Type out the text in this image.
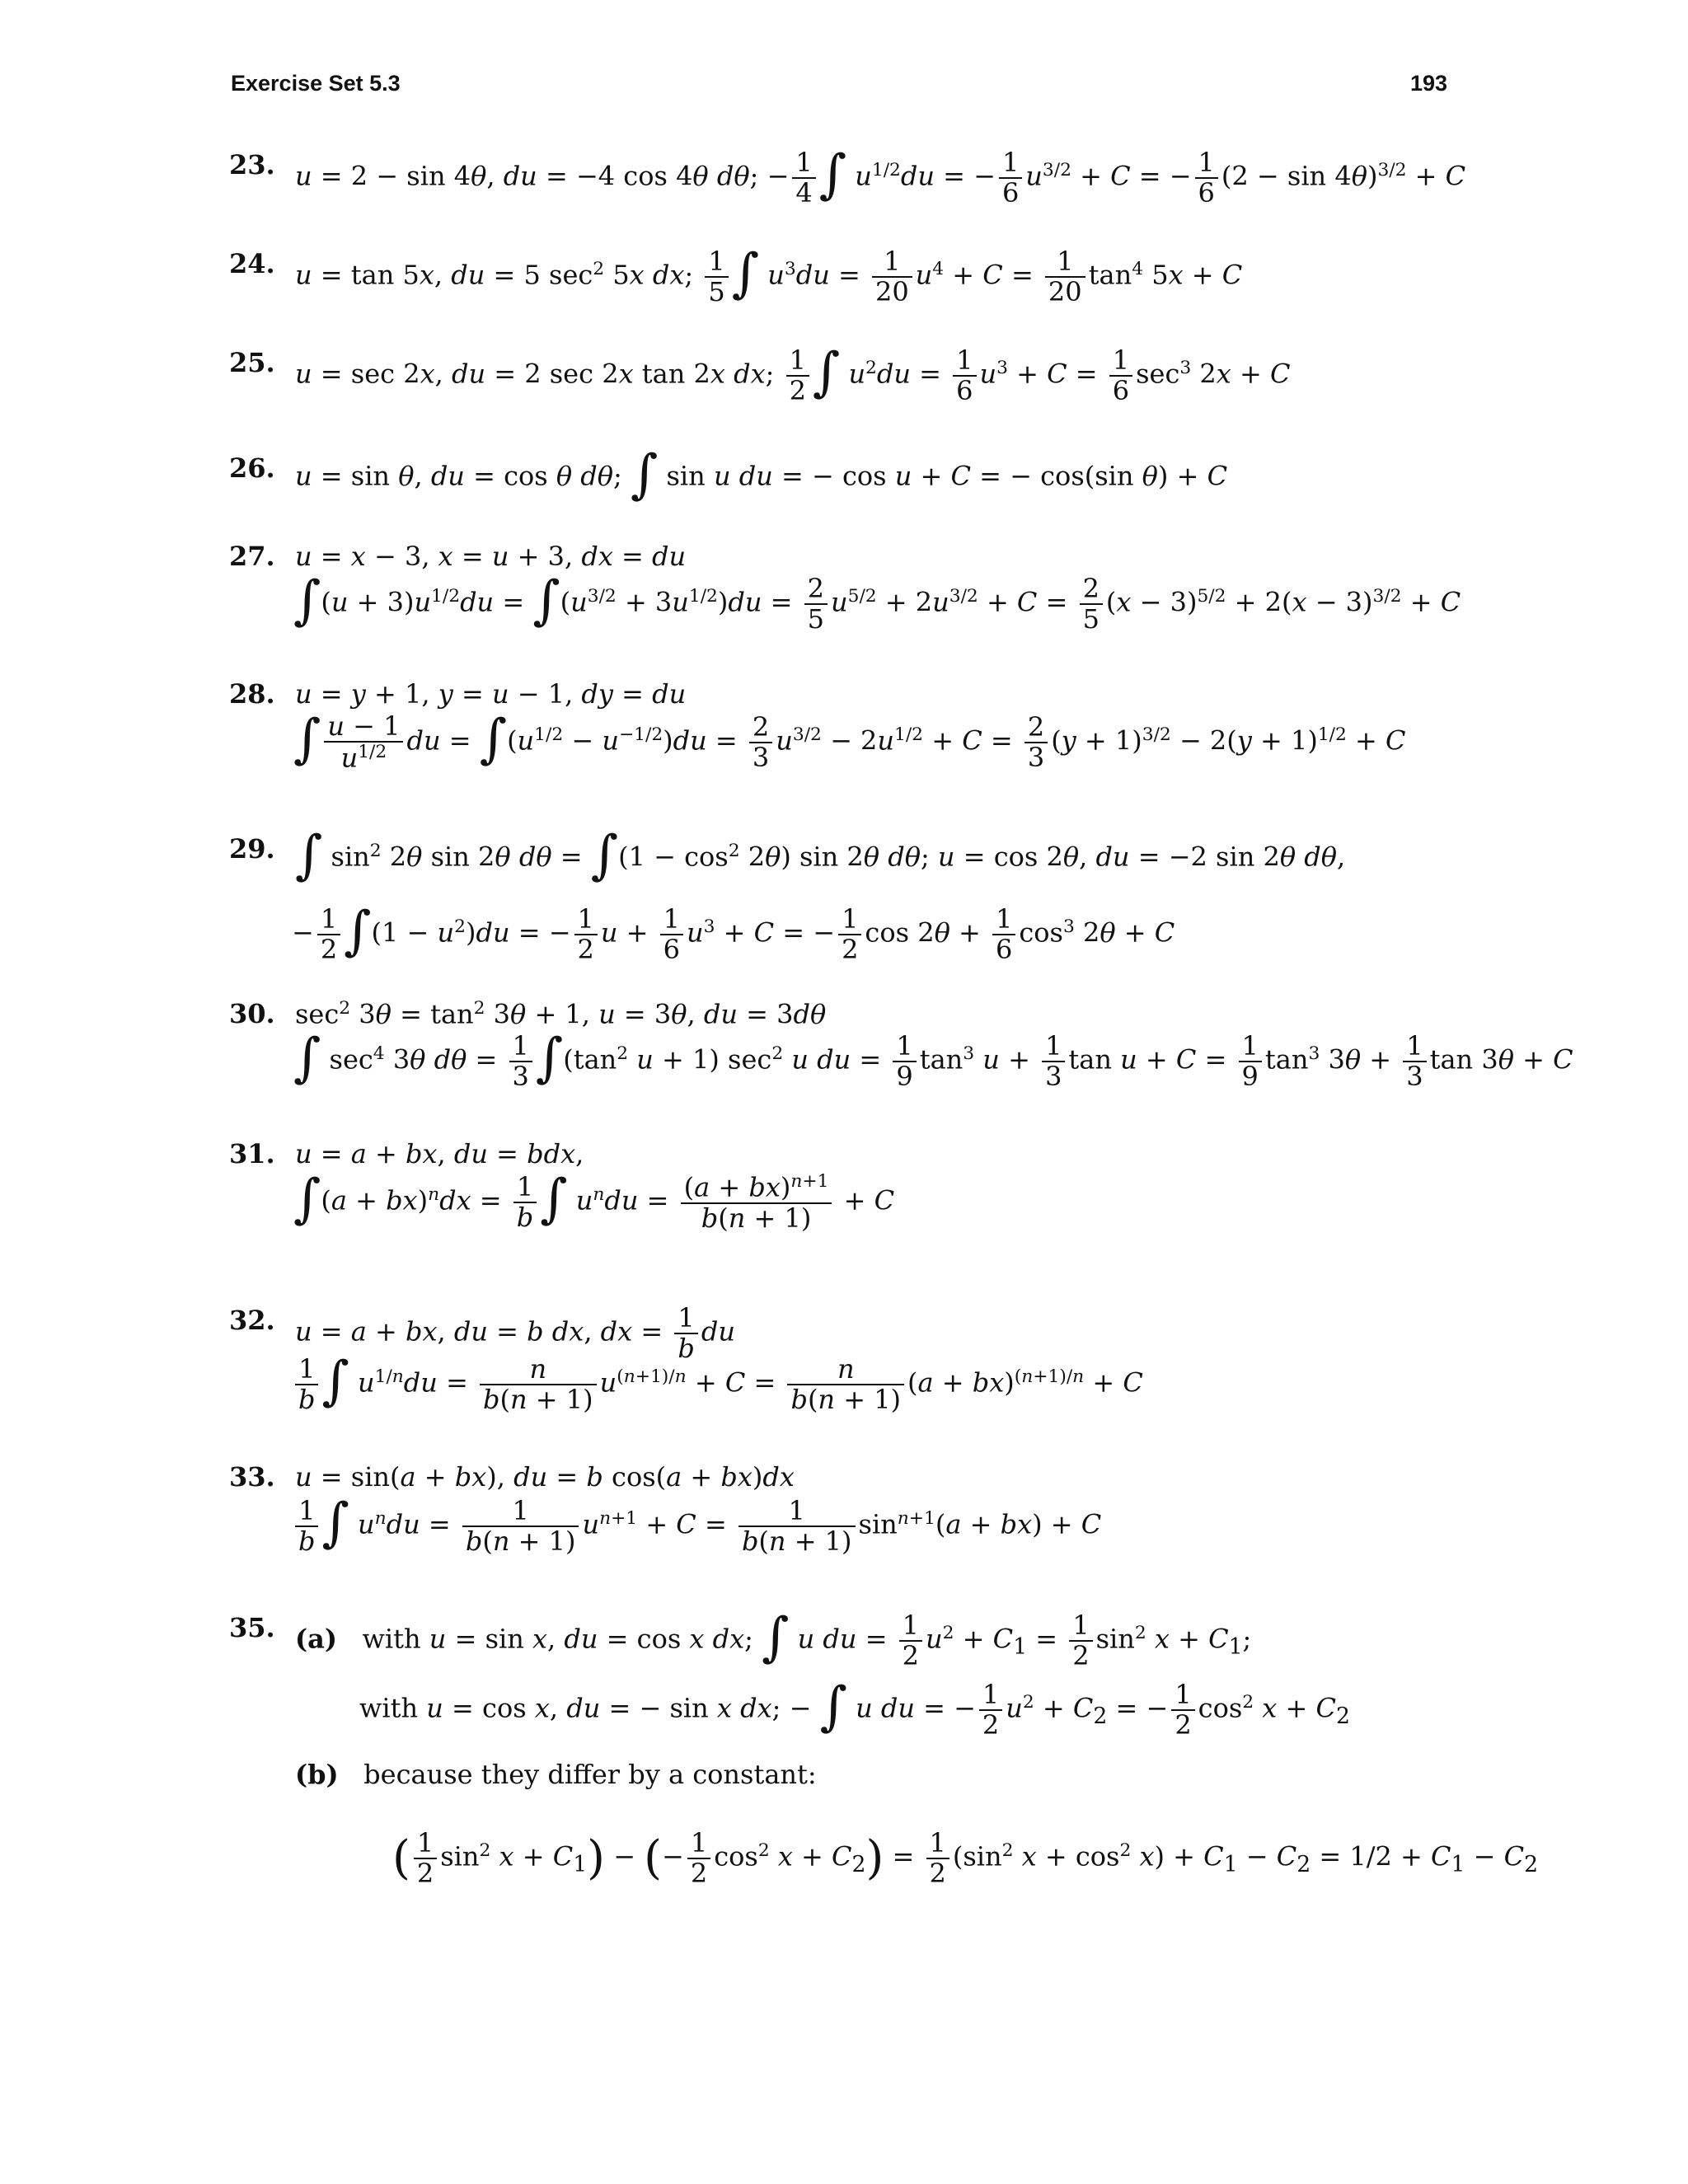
Exercise Set 5.3	193
23. u = 2 − sin 4θ, du = −4 cos 4θ dθ; − $\frac{1}{4}$ ∫ $u^{1/2}du$ = − $\frac{1}{6} u^{3/2} + C$ = − $\frac{1}{6} (2 - \sin 4\theta)^{3/2} + C$
24. u = tan 5x, du = 5 $\sec^2 5x$ dx; $\frac{1}{5}$ ∫ $u^3du = \frac{1}{20} u^4 + C = \frac{1}{20} \tan^4 5x + C$
25. u = sec 2x, du = 2 sec 2x tan 2x dx; $\frac{1}{2}$ ∫ $u^2du = \frac{1}{6} u^3 + C = \frac{1}{6} \sec^3 2x + C$
26. u = sin θ, du = cos θ dθ; ∫ sin u du = − cos u + C = − cos(sin θ) + C
27. u = x − 3, x = u + 3, dx = du
$\int(u + 3)u^{1/2}du = \int(u^{3/2} + 3u^{1/2})du = \frac{2}{5} u^{5/2} + 2u^{3/2} + C = \frac{2}{5} (x - 3)^{5/2} + 2(x - 3)^{3/2} + C$
28. u = y + 1, y = u − 1, dy = du
∫ $\frac{u - 1}{u^{1/2}}$ du = $\int(u^{1/2} - u^{-1/2})du = \frac{2}{3} u^{3/2} - 2u^{1/2} + C = \frac{2}{3} (y + 1)^{3/2} - 2(y + 1)^{1/2} + C$
29. ∫ $\sin^2 2\theta$ sin 2θ $d\theta = \int(1 - \cos^2 2\theta)$ sin 2θ dθ; u = cos 2θ, du = −2 sin 2θ dθ,
− $\frac{1}{2} \int(1 - u^2)du$ = − $\frac{1}{2}$ $u + \frac{1}{6} u^3 + C$ = − $\frac{1}{2}$ $\cos 2\theta + \frac{1}{6} \cos^3 2\theta + C$
30. $\sec^2 3\theta = \tan^2 3\theta + 1$, u = 3θ, du = 3dθ
∫ $\sec^4 3\theta$ $d\theta = \frac{1}{3} \int(\tan^2$ u + 1) $\sec^2 u$ du = $\frac{1}{9} \tan^3 u + \frac{1}{3}$ $\tan u + C = \frac{1}{9} \tan^3 3\theta + \frac{1}{3}$ tan 3θ + C
31. u = a + bx, du = bdx,
$\int(a + bx)^ndx = \frac{1}{b}$ ∫ $u^ndu = \frac{(a + bx)^{n+1}}{b(n + 1)} + C$
32. u = a + bx, du = b dx, dx = $\frac{1}{b}$ du
$\frac{1}{b}$ ∫ $u^{1/n}du = \frac{n}{b(n + 1)} u^{(n+1)/n} + C = \frac{n}{b(n + 1)} (a + bx)^{(n+1)/n} + C$
33. u = sin(a + bx), du = b cos(a + bx)dx
$\frac{1}{b}$ ∫ $u^ndu = \frac{1}{b(n + 1)} u^{n+1} + C = \frac{1}{b(n + 1)} \sin^{n+1}(a + bx) + C$
35. (a) with u = sin x, du = cos x dx; ∫ u du = $\frac{1}{2} u^2 + C_1 = \frac{1}{2} \sin^2 x + C_1$;
with u = cos x, du = − sin x dx; − ∫ u du = − $\frac{1}{2} u^2 + C_2$ = − $\frac{1}{2} \cos^2 x + C_2$
(b) because they differ by a constant:
( $\frac{1}{2} \sin^2 x + C_1$) − (− $\frac{1}{2} \cos^2 x + C_2) = \frac{1}{2} (\sin^2$ $x + \cos^2 x) + C_1 - C_2 = 1/2 + C_1 - C_2$
